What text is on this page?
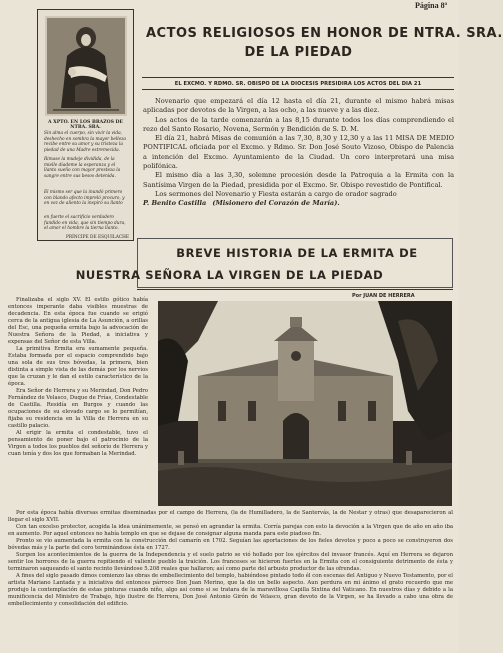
Página 8ª
A XPTO. EN LOS BRAZOS DE NTRA. SRA.
Sin alma el cuerpo, sin vivir la vida, deshecho en sombra la mayor belleza recibe entre su amor y su tristeza la piedad de una Madre estremecida.
Rimase la mudeje dividida, de la mielle diademe la esperanza y el llanto sueño con mayor presteza la sangre entre sus besos detenida.
El mismo ser que la inundó primero con blando afecto impreló procuro, y en vez de aliento la inspiró su llanto
en fuerte el sacrificio verdadero fundido en vida, que sin tiempo dura, el amor el hombre la tierna llanto.
PRÍNCIPE DE ESQUILACHE
ACTOS RELIGIOSOS EN HONOR DE NTRA. SRA.
DE LA PIEDAD
EL EXCMO. Y RDMO. SR. OBISPO DE LA DIOCESIS PRESIDIRA LOS ACTOS DEL DIA 21

Novenario que empezará el día 12 hasta el día 21, durante el mismo habrá misas aplicadas por devotos de la Virgen, a las ocho, a las nueve y a las diez.

Los actos de la tarde comenzarán a las 8,15 durante todos los días comprendiendo el rezo del Santo Rosario, Novena, Sermón y Bendición de S. D. M.

El día 21, habrá Misas de comunión a las 7,30, 8,30 y 12,30 y a las 11 MISA DE MEDIO PONTIFICAL oficiada por el Excmo. y Rdmo. Sr. Don José Souto Vizoso, Obispo de Palencia a intención del Excmo. Ayuntamiento de la Ciudad. Un coro interpretará una misa polifónica.

El mismo día a las 3,30, solemne procesión desde la Patroquia a la Ermita con la Santísima Virgen de la Piedad, presidida por el Excmo. Sr. Obispo revestido de Pontifical.

Los sermones del Novenario y Fiesta estarán a cargo de orador sagrado

P. Benito Castilla (Misionero del Corazón de María).
BREVE HISTORIA DE LA ERMITA DE
NUESTRA SEÑORA LA VIRGEN DE LA PIEDAD
Por JUAN DE HERRERA

Finalizaba el siglo XV. El estilo gótico había entonces imperante daba visibles muestras de decadencia. En esta época fue cuando se erigió cerca de la antigua iglesia de La Asunción, a orillas del Esc, una pequeña ermita bajo la advocación de Nuestra Señora de la Piedad, a iniciativa y expensas del Señor de esta Villa.

La primitiva Ermita era sumamente pequeña. Estaba formada por el espacio comprendido bajo una sola de sus tres bóvedas, la primera, bien distinta a simple vista de las demás por los nervios que la cruzan y le dan el estilo característico de la época.

Era Señor de Herrera y su Merindad, Don Pedro Fernández de Velasco, Duque de Frías, Condestable de Castilla. Residía en Burgos y cuando las ocupaciones de su elevado cargo se lo permitían, fijaba su residencia en la Villa de Herrera en su castillo palacio.

Al erigir la ermita el condestable, tuvo el pensamiento de poner bajo el patrocinio de la Virgen a todos los pueblos del señorío de Herrera y cuan tenía y dos los que formaban la Merindad.

Por esta época había diversas ermitas diseminadas por el campo de Herrera, (la de Humilladero, la de Santervás, la de Nestar y otras) que desaparecieron al llegar el siglo XVII.

Con tan excelso protector, acogida la idea unánimemente, se pensó en agrandar la ermita. Corría parejas con esto la devoción a la Virgen que de año en año iba en aumento. Por aquel entonces no había templo en que se dejase de consignar alguna manda para este piadoso fin.

Pronto se vio aumentada la ermita con la construcción del camarín en 1702. Seguían las aportaciones de los fieles devotos y poco a poco se construyeron dos bóvedas más y la parte del coro terminándose ésta en 1727.

Surgen los acontecimientos de la guerra de la Independencia y el suelo patrio se vió hollado por los ejércitos del invasor francés. Aquí en Herrera se dejaron sentir los horrores de la guerra repitiendo el valiente pueblo la traición. Los franceses se hicieron fuertes en la Ermita con el consiguiente detrimento de ésta y terminaron saqueando el santo recinto llevándose 5.208 reales que hallaron; así como parte del arbusto productor de las ofrendas.

A fines del siglo pasado dimos comienzo las obras de embellecimiento del templo, habiéndose pintado todo él con escenas del Antiguo y Nuevo Testamento, por el artista Mariano Lantada y a iniciativa del entonces párroco Don Juan Merino, que la dio un bello aspecto. Aun perdura en mi ánimo el grato recuerdo que me produjo la contemplación de estas pinturas cuando niño, algo así como si se tratara de la maravillosa Capilla Sixtina del Vaticano. En nuestros días y debido a la munificencia del Ministro de Trabajo, hijo ilustre de Herrera, Don José Antonio Girón de Velasco, gran devoto de la Virgen, se ha llevado a cabo una obra de embellecimiento y consolidación del edificio.
